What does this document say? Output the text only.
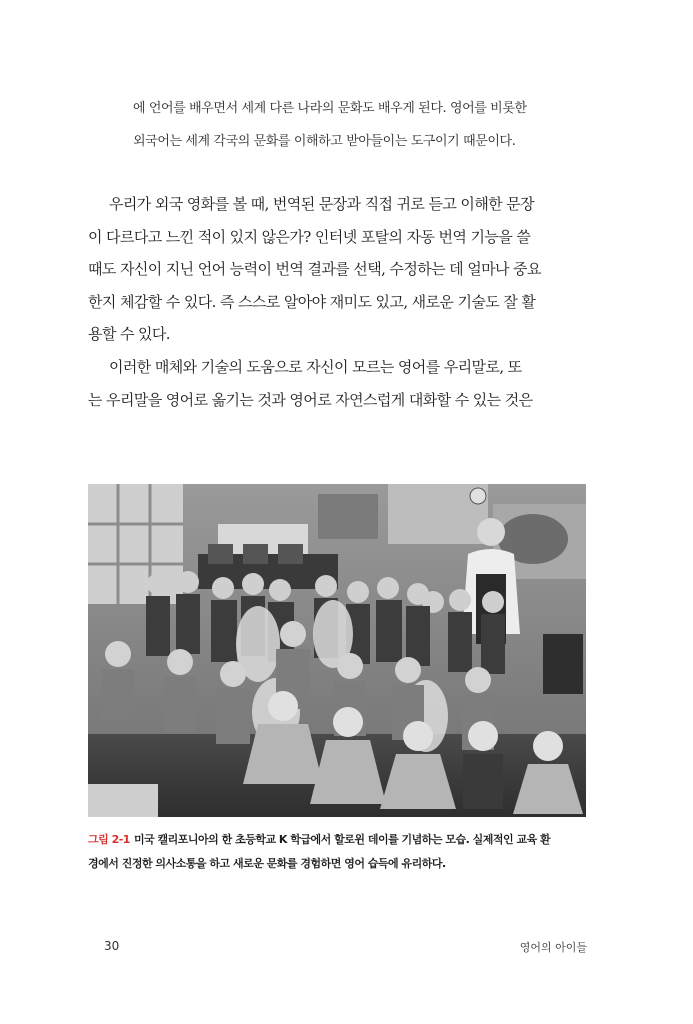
에 언어를 배우면서 세계 다른 나라의 문화도 배우게 된다. 영어를 비롯한

외국어는 세계 각국의 문화를 이해하고 받아들이는 도구이기 때문이다.

우리가 외국 영화를 볼 때, 번역된 문장과 직접 귀로 듣고 이해한 문장
이 다르다고 느낀 적이 있지 않은가? 인터넷 포탈의 자동 번역 기능을 쓸
때도 자신이 지닌 언어 능력이 번역 결과를 선택, 수정하는 데 얼마나 중요
한지 체감할 수 있다. 즉 스스로 알아야 재미도 있고, 새로운 기술도 잘 활
용할 수 있다.
이러한 매체와 기술의 도움으로 자신이 모르는 영어를 우리말로, 또
는 우리말을 영어로 옮기는 것과 영어로 자연스럽게 대화할 수 있는 것은
그림 2-1 미국 캘리포니아의 한 초등학교 K 학급에서 할로윈 데이를 기념하는 모습. 실제적인 교육 환
경에서 진정한 의사소통을 하고 새로운 문화를 경험하면 영어 습득에 유리하다.
30	영어의 아이들
